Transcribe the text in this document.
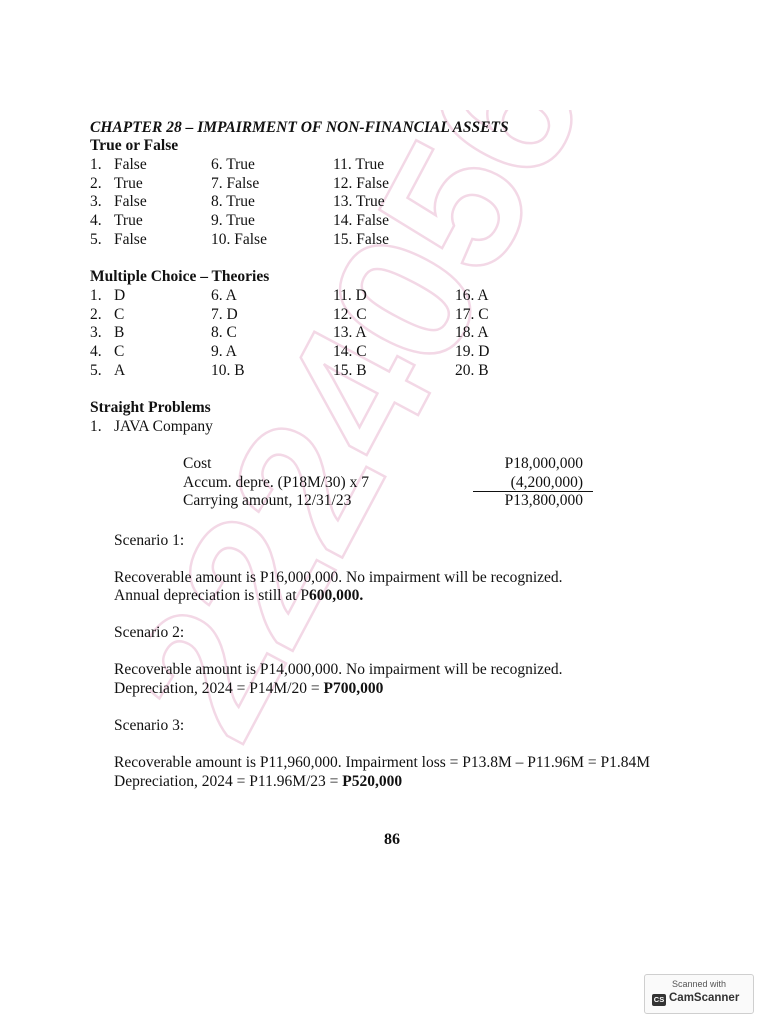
2224056
CHAPTER 28 – IMPAIRMENT OF NON-FINANCIAL ASSETS
True or False
1. False	6. True	11. True
2. True	7. False	12. False
3. False	8. True	13. True
4. True	9. True	14. False
5. False	10. False	15. False
Multiple Choice – Theories
1. D	6. A	11. D	16. A
2. C	7. D	12. C	17. C
3. B	8. C	13. A	18. A
4. C	9. A	14. C	19. D
5. A	10. B	15. B	20. B
Straight Problems
1. JAVA Company
Cost	P18,000,000
Accum. depre. (P18M/30) x 7	(4,200,000)
Carrying amount, 12/31/23	P13,800,000
Scenario 1:
Recoverable amount is P16,000,000. No impairment will be recognized.
Annual depreciation is still at P600,000.
Scenario 2:
Recoverable amount is P14,000,000. No impairment will be recognized.
Depreciation, 2024 = P14M/20 = P700,000
Scenario 3:
Recoverable amount is P11,960,000. Impairment loss = P13.8M – P11.96M = P1.84M
Depreciation, 2024 = P11.96M/23 = P520,000
86
Scanned with
CS CamScanner
